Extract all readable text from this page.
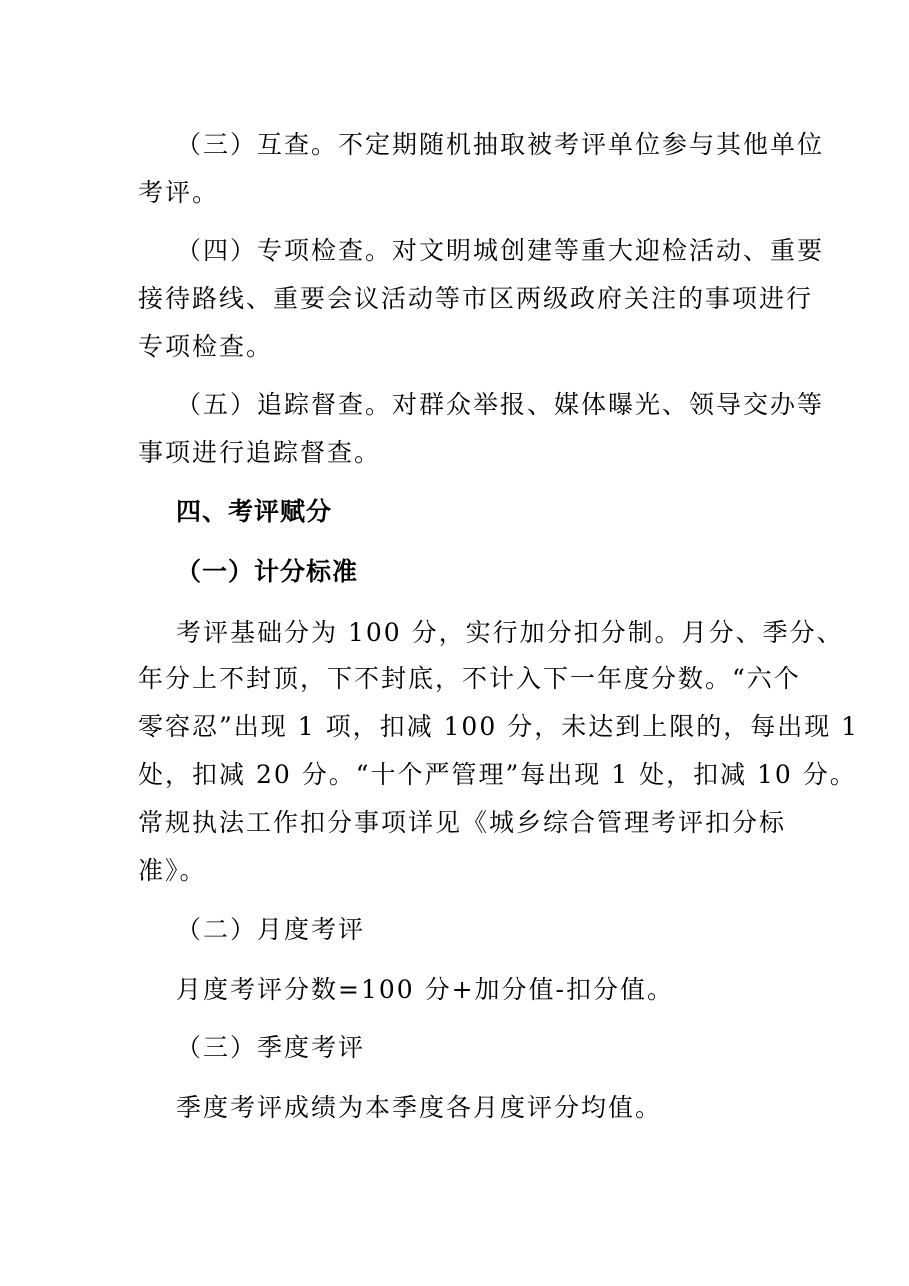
（三）互查。不定期随机抽取被考评单位参与其他单位
考评。
（四）专项检查。对文明城创建等重大迎检活动、重要
接待路线、重要会议活动等市区两级政府关注的事项进行
专项检查。
（五）追踪督查。对群众举报、媒体曝光、领导交办等
事项进行追踪督查。
四、考评赋分
（一）计分标准
考评基础分为 100 分，实行加分扣分制。月分、季分、
年分上不封顶，下不封底，不计入下一年度分数。“六个
零容忍”出现 1 项，扣减 100 分，未达到上限的，每出现 1
处，扣减 20 分。“十个严管理”每出现 1 处，扣减 10 分。
常规执法工作扣分事项详见《城乡综合管理考评扣分标
准》。
（二）月度考评
月度考评分数=100 分+加分值-扣分值。
（三）季度考评
季度考评成绩为本季度各月度评分均值。
